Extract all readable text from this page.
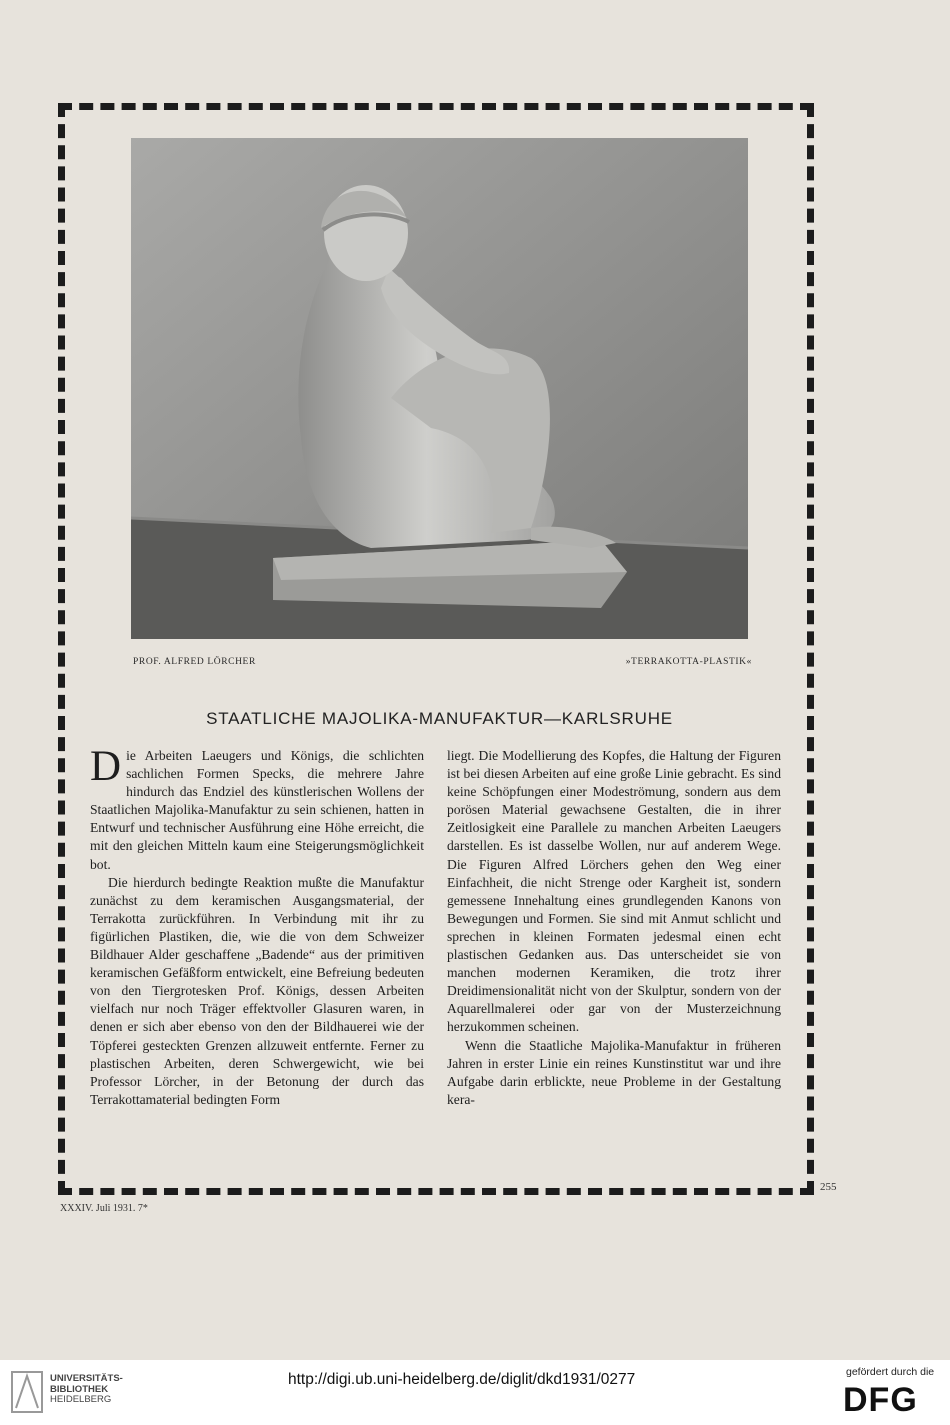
PROF. ALFRED LÖRCHER	»TERRAKOTTA-PLASTIK«
STAATLICHE MAJOLIKA-MANUFAKTUR—KARLSRUHE

Die Arbeiten Laeugers und Königs, die schlichten sachlichen Formen Specks, die mehrere Jahre hindurch das Endziel des künstlerischen Wollens der Staatlichen Majolika-Manufaktur zu sein schienen, hatten in Entwurf und technischer Ausführung eine Höhe erreicht, die mit den gleichen Mitteln kaum eine Steigerungsmöglichkeit bot.

Die hierdurch bedingte Reaktion mußte die Manufaktur zunächst zu dem keramischen Ausgangsmaterial, der Terrakotta zurückführen. In Verbindung mit ihr zu figürlichen Plastiken, die, wie die von dem Schweizer Bildhauer Alder geschaffene „Badende“ aus der primitiven keramischen Gefäßform entwickelt, eine Befreiung bedeuten von den Tiergrotesken Prof. Königs, dessen Arbeiten vielfach nur noch Träger effektvoller Glasuren waren, in denen er sich aber ebenso von den der Bildhauerei wie der Töpferei gesteckten Grenzen allzuweit entfernte. Ferner zu plastischen Arbeiten, deren Schwergewicht, wie bei Professor Lörcher, in der Betonung der durch das Terrakottamaterial bedingten Form

liegt. Die Modellierung des Kopfes, die Haltung der Figuren ist bei diesen Arbeiten auf eine große Linie gebracht. Es sind keine Schöpfungen einer Modeströmung, sondern aus dem porösen Material gewachsene Gestalten, die in ihrer Zeitlosigkeit eine Parallele zu manchen Arbeiten Laeugers darstellen. Es ist dasselbe Wollen, nur auf anderem Wege. Die Figuren Alfred Lörchers gehen den Weg einer Einfachheit, die nicht Strenge oder Kargheit ist, sondern gemessene Innehaltung eines grundlegenden Kanons von Bewegungen und Formen. Sie sind mit Anmut schlicht und sprechen in kleinen Formaten jedesmal einen echt plastischen Gedanken aus. Das unterscheidet sie von manchen modernen Keramiken, die trotz ihrer Dreidimensionalität nicht von der Skulptur, sondern von der Aquarellmalerei oder gar von der Musterzeichnung herzukommen scheinen.

Wenn die Staatliche Majolika-Manufaktur in früheren Jahren in erster Linie ein reines Kunstinstitut war und ihre Aufgabe darin erblickte, neue Probleme in der Gestaltung kera-

255
XXXIV. Juli 1931. 7*
UNIVERSITÄTS-
BIBLIOTHEK
HEIDELBERG
http://digi.ub.uni-heidelberg.de/diglit/dkd1931/0277	gefördert durch die
DFG
